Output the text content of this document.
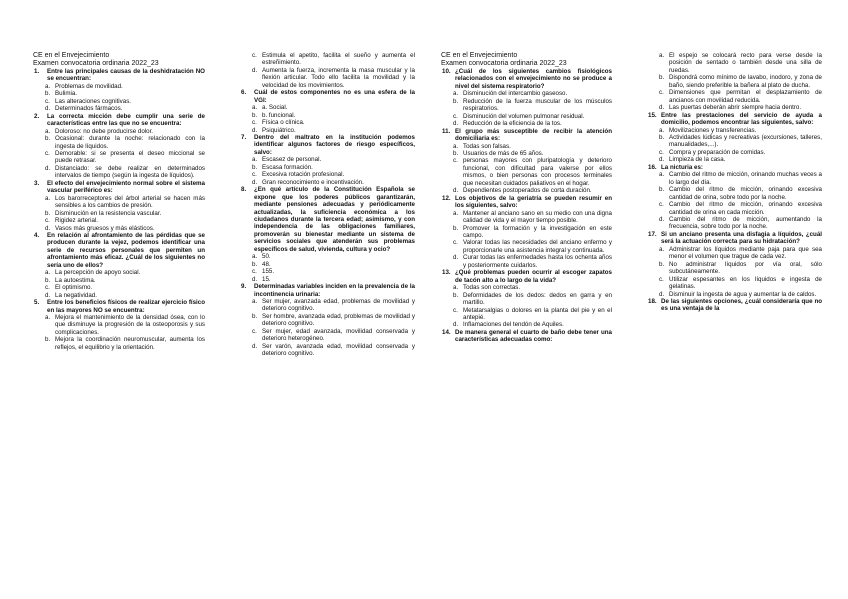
CE en el Envejecimiento

Examen convocatoria ordinaria 2022_23

1. Entre las principales causas de la deshidratación NO se encuentran:

a. Problemas de movilidad.

b. Bulimia.

c. Las alteraciones cognitivas.

d. Determinados fármacos.

2. La correcta micción debe cumplir una serie de características entre las que no se encuentra:

a. Doloroso: no debe producirse dolor.

b. Ocasional: durante la noche: relacionado con la ingesta de líquidos.

c. Demorable: si se presenta el deseo miccional se puede retrasar.

d. Distanciado: se debe realizar en determinados intervalos de tiempo (según la ingesta de líquidos).

3. El efecto del envejecimiento normal sobre el sistema vascular periférico es:

a. Los barorreceptores del árbol arterial se hacen más sensibles a los cambios de presión.

b. Disminución en la resistencia vascular.

c. Rigidez arterial.

d. Vasos más gruesos y más elásticos.

4. En relación al afrontamiento de las pérdidas que se producen durante la vejez, podemos identificar una serie de recursos personales que permiten un afrontamiento más eficaz. ¿Cuál de los siguientes no sería uno de ellos?

a. La percepción de apoyo social.

b. La autoestima.

c. El optimismo.

d. La negatividad.

5. Entre los beneficios físicos de realizar ejercicio físico en las mayores NO se encuentra:

a. Mejora el mantenimiento de la densidad ósea, con lo que disminuye la progresión de la osteoporosis y sus complicaciones.

b. Mejora la coordinación neuromuscular, aumenta los reflejos, el equilibrio y la orientación.

c. Estimula el apetito, facilita el sueño y aumenta el estreñimiento.

d. Aumenta la fuerza, incrementa la masa muscular y la flexión articular. Todo ello facilita la movilidad y la velocidad de los movimientos.

6. Cuál de estos componentes no es una esfera de la VGI:

a. a. Social.

b. b. funcional.

c. Física o clínica.

d. Psiquiátrico.

7. Dentro del maltrato en la institución podemos identificar algunos factores de riesgo específicos, salvo:

a. Escasez de personal.

b. Escasa formación.

c. Excesiva rotación profesional.

d. Gran reconocimiento e incentivación.

8. ¿En qué artículo de la Constitución Española se expone que los poderes públicos garantizarán, mediante pensiones adecuadas y periódicamente actualizadas, la suficiencia económica a los ciudadanos durante la tercera edad; asimismo, y con independencia de las obligaciones familiares, promoverán su bienestar mediante un sistema de servicios sociales que atenderán sus problemas específicos de salud, vivienda, cultura y ocio?

a. 50.

b. 48.

c. 155.

d. 15.

9. Determinadas variables inciden en la prevalencia de la incontinencia urinaria:

a. Ser mujer, avanzada edad, problemas de movilidad y deterioro cognitivo.

b. Ser hombre, avanzada edad, problemas de movilidad y deterioro cognitivo.

c. Ser mujer, edad avanzada, movilidad conservada y deterioro heterogéneo.

d. Ser varón, avanzada edad, movilidad conservada y deterioro cognitivo.

CE en el Envejecimiento

Examen convocatoria ordinaria 2022_23

10. ¿Cuál de los siguientes cambios fisiológicos relacionados con el envejecimiento no se produce a nivel del sistema respiratorio?

a. Disminución del intercambio gaseoso.

b. Reducción de la fuerza muscular de los músculos respiratorios.

c. Disminución del volumen pulmonar residual.

d. Reducción de la eficiencia de la tos.

11. El grupo más susceptible de recibir la atención domiciliaria es:

a. Todas son falsas.

b. Usuarios de más de 65 años.

c. personas mayores con pluripatología y deterioro funcional, con dificultad para valerse por ellos mismos, o bien personas con procesos terminales que necesitan cuidados paliativos en el hogar.

d. Dependientes postoperados de corta duración.

12. Los objetivos de la geriatría se pueden resumir en los siguientes, salvo:

a. Mantener al anciano sano en su medio con una digna calidad de vida y el mayor tiempo posible.

b. Promover la formación y la investigación en este campo.

c. Valorar todas las necesidades del anciano enfermo y proporcionarle una asistencia integral y continuada.

d. Curar todas las enfermedades hasta los ochenta años y posteriormente cuidarlos.

13. ¿Qué problemas pueden ocurrir al escoger zapatos de tacón alto a lo largo de la vida?

a. Todas son correctas.

b. Deformidades de los dedos: dedos en garra y en martillo.

c. Metatarsalgias o dolores en la planta del pie y en el antepié.

d. Inflamaciones del tendón de Aquiles.

14. De manera general el cuarto de baño debe tener una características adecuadas como:

a. El espejo se colocará recto para verse desde la posición de sentado o también desde una silla de ruedas.

b. Dispondrá como mínimo de lavabo, inodoro, y zona de baño, siendo preferible la bañera al plato de ducha.

c. Dimensiones que permitan el desplazamiento de ancianos con movilidad reducida.

d. Las puertas deberán abrir siempre hacia dentro.

15. Entre las prestaciones del servicio de ayuda a domicilio, podemos encontrar las siguientes, salvo:

a. Movilizaciones y transferencias.

b. Actividades lúdicas y recreativas (excursiones, talleres, manualidades,...).

c. Compra y preparación de comidas.

d. Limpieza de la casa.

16. La nicturia es:

a. Cambio del ritmo de micción, orinando muchas veces a lo largo del día.

b. Cambio del ritmo de micción, orinando excesiva cantidad de orina, sobre todo por la noche.

c. Cambio del ritmo de micción, orinando excesiva cantidad de orina en cada micción.

d. Cambio del ritmo de micción, aumentando la frecuencia, sobre todo por la noche.

17. Si un anciano presenta una disfagia a líquidos, ¿cuál será la actuación correcta para su hidratación?

a. Administrar los líquidos mediante paja para que sea menor el volumen que trague de cada vez.

b. No administrar líquidos por vía oral, sólo subcutáneamente.

c. Utilizar espesantes en los líquidos e ingesta de gelatinas.

d. Disminuir la ingesta de agua y aumentar la de caldos.

18. De las siguientes opciones, ¿cuál consideraría que no es una ventaja de la
